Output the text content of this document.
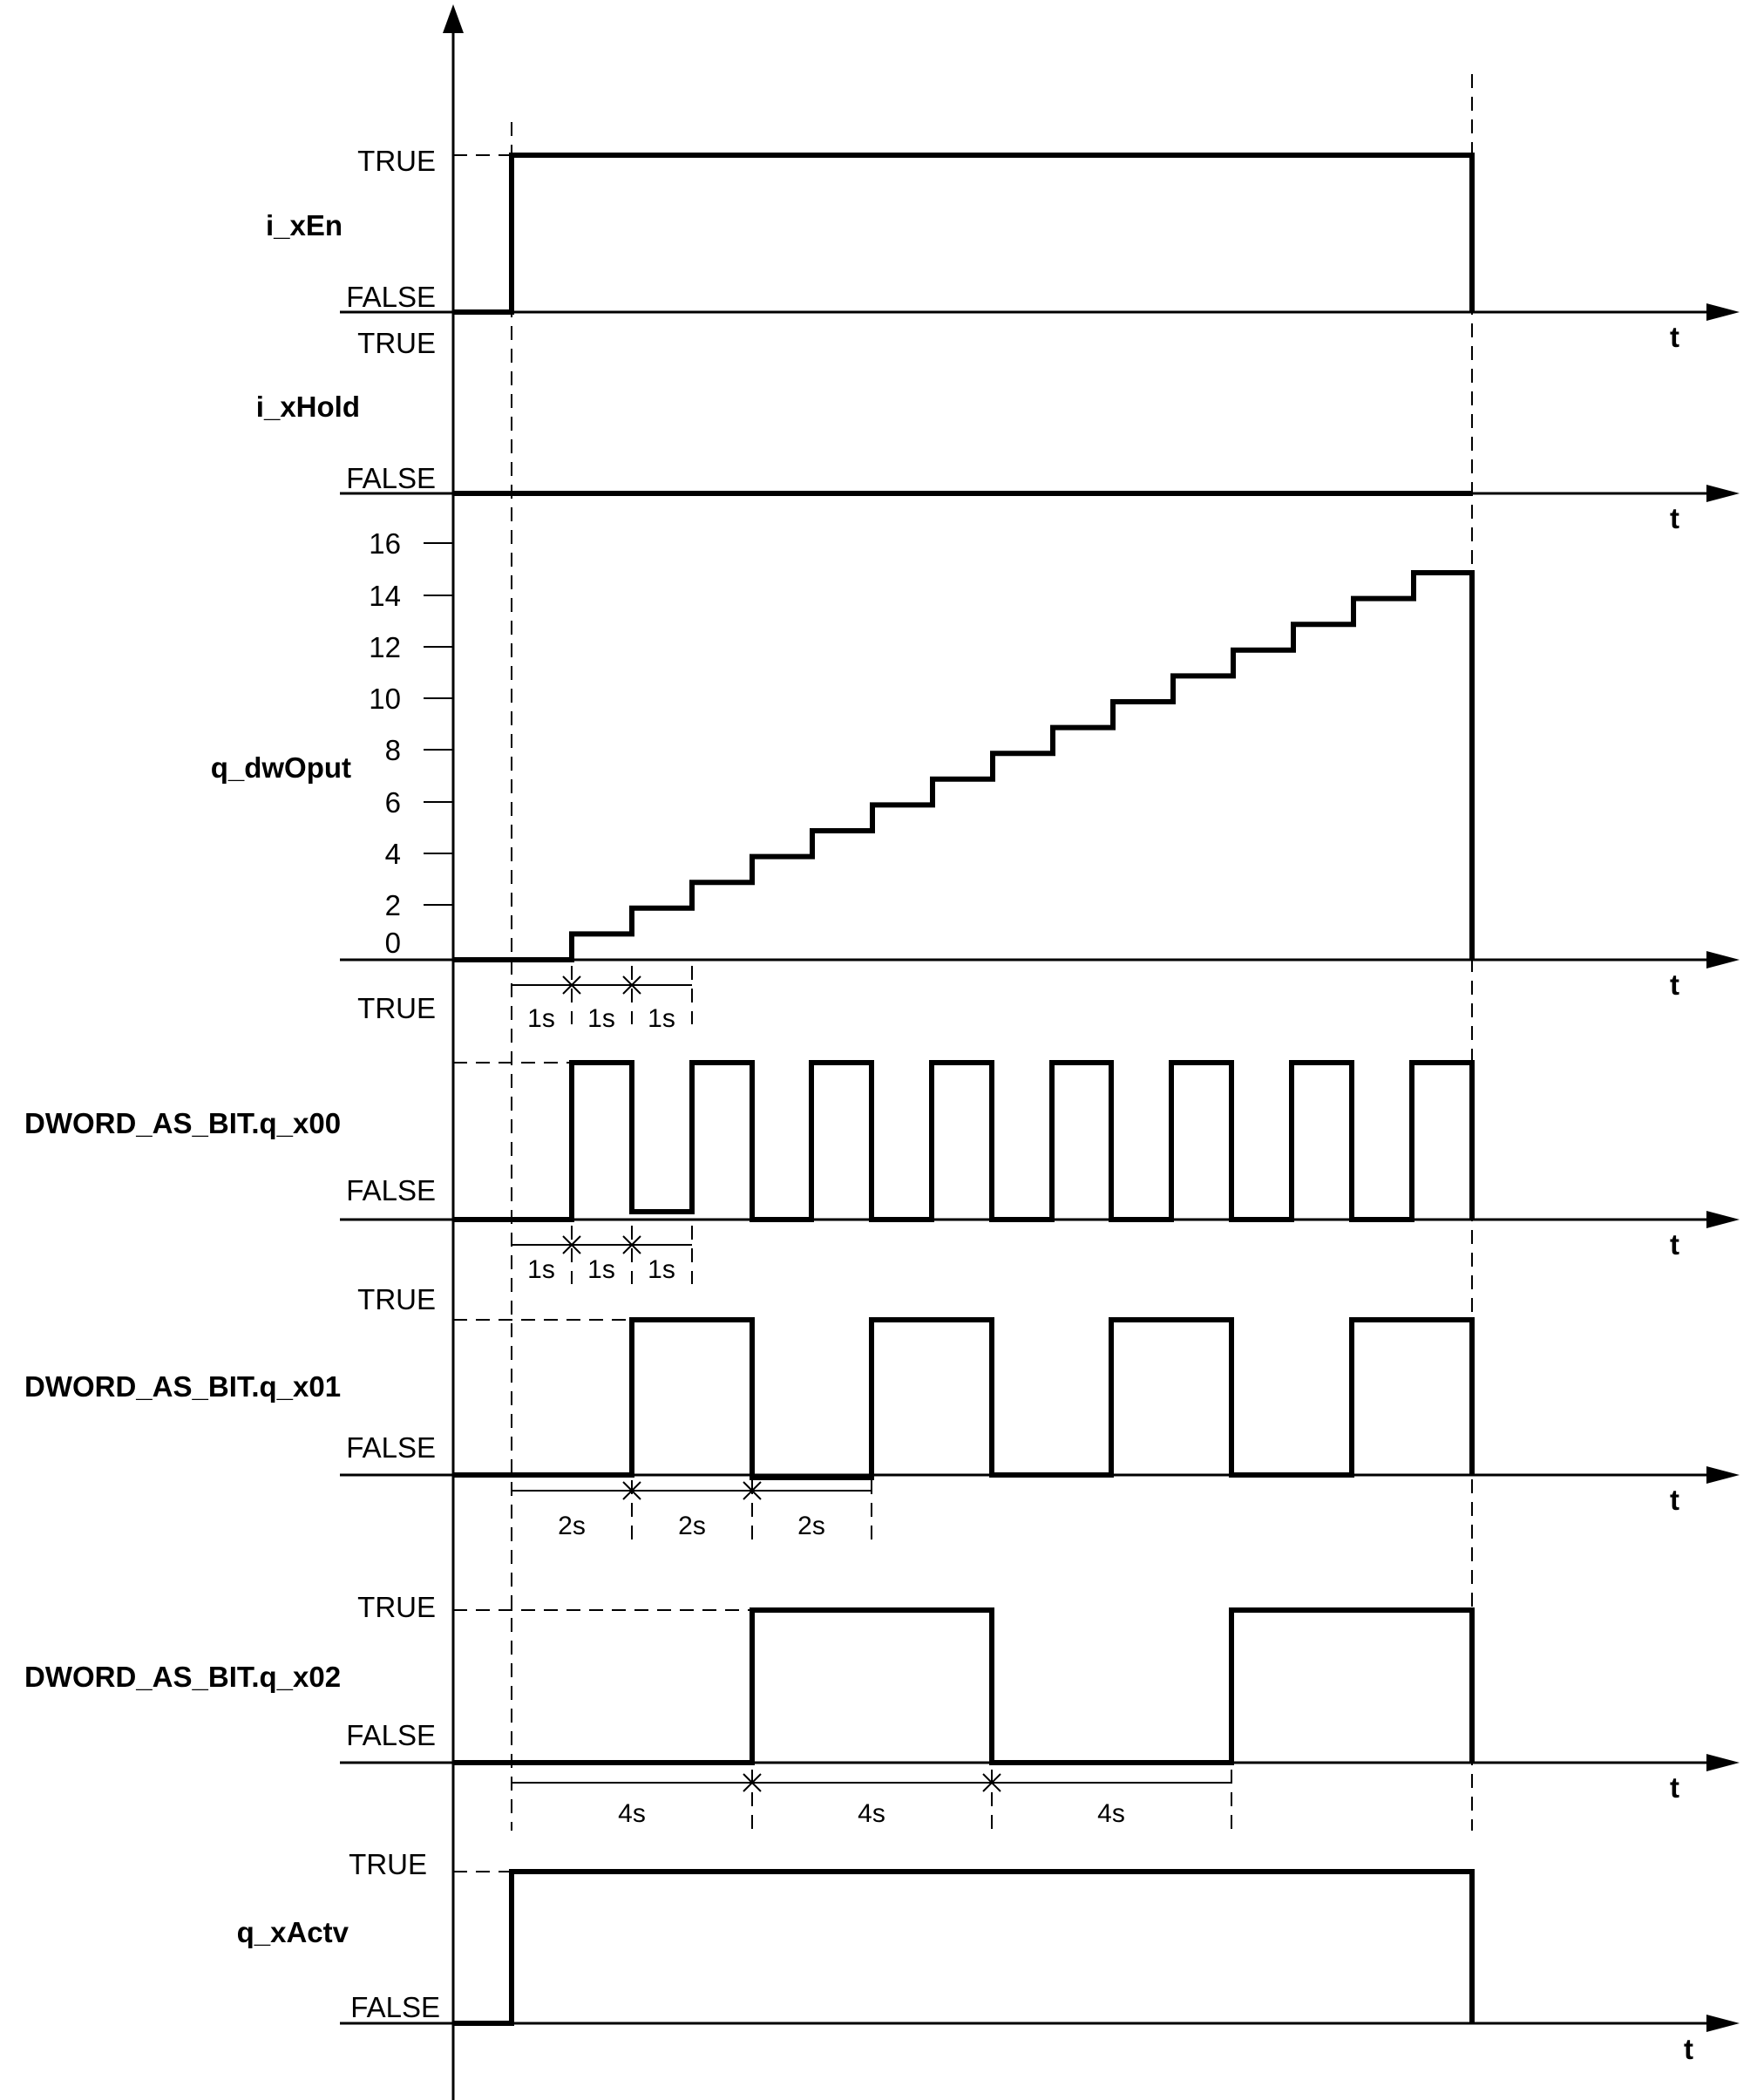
t
TRUE
FALSE
i_xEn
t
TRUE
FALSE
i_xHold
t
q_dwOput
16
14
12
10
8
6
4
2
0
TRUE	1s 1s 1s
t
FALSE
DWORD_AS_BIT.q_x00
TRUE
1s 1s 1s
t
FALSE
DWORD_AS_BIT.q_x01
2s	2s	2s
t
TRUE
FALSE
DWORD_AS_BIT.q_x02
4s	4s	4s
t
TRUE
FALSE
q_xActv
